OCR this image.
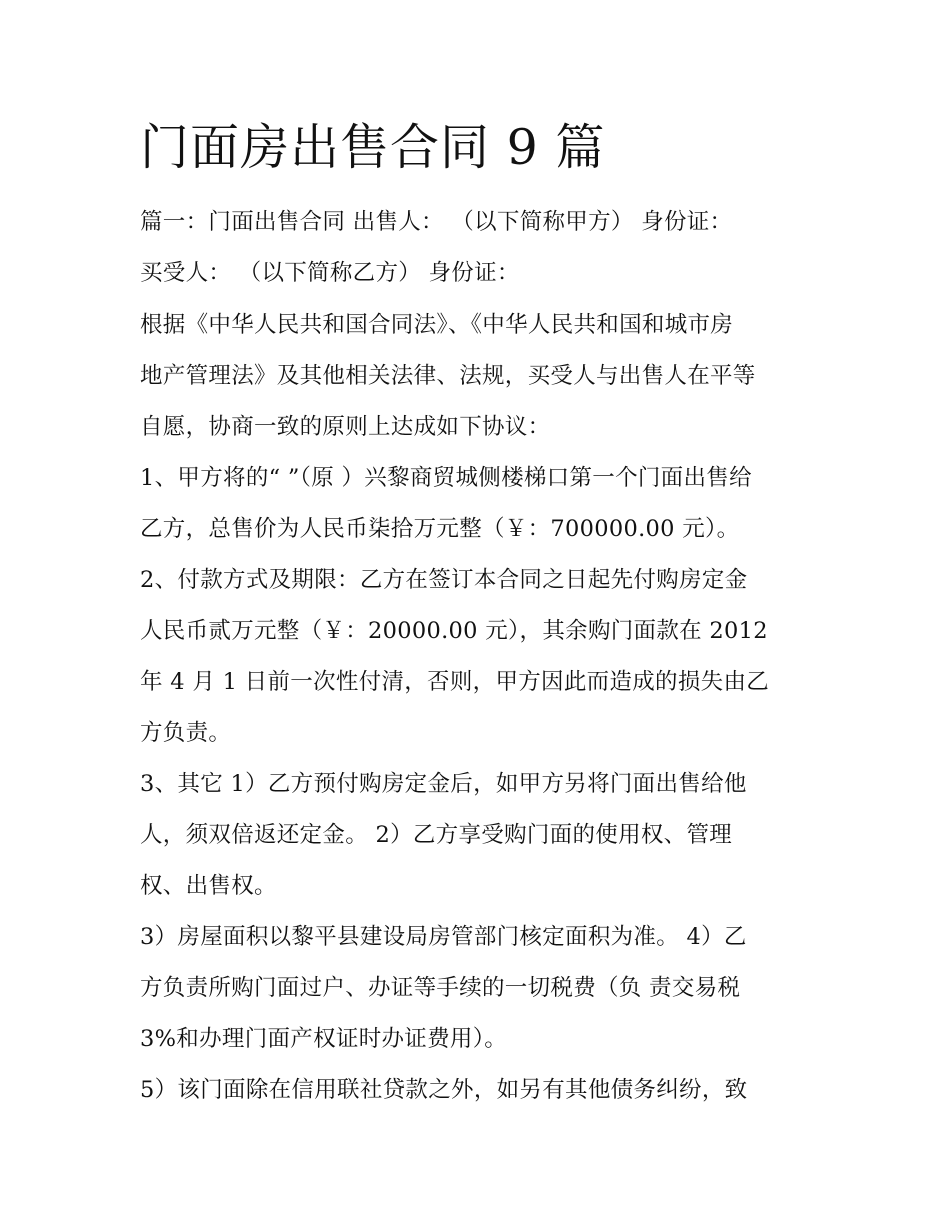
门面房出售合同 9 篇

篇一：门面出售合同 出售人： （以下简称甲方） 身份证：

买受人： （以下简称乙方） 身份证：

根据《中华人民共和国合同法》、《中华人民共和国和城市房

地产管理法》及其他相关法律、法规，买受人与出售人在平等

自愿，协商一致的原则上达成如下协议：

1、甲方将的“ ”（原 ）兴黎商贸城侧楼梯口第一个门面出售给

乙方，总售价为人民币柒拾万元整（￥：700000.00 元）。

2、付款方式及期限：乙方在签订本合同之日起先付购房定金

人民币贰万元整（￥：20000.00 元），其余购门面款在 2012

年 4 月 1 日前一次性付清，否则，甲方因此而造成的损失由乙

方负责。

3、其它 1）乙方预付购房定金后，如甲方另将门面出售给他

人，须双倍返还定金。 2）乙方享受购门面的使用权、管理

权、出售权。

3）房屋面积以黎平县建设局房管部门核定面积为准。 4）乙

方负责所购门面过户、办证等手续的一切税费（负 责交易税

3%和办理门面产权证时办证费用）。

5）该门面除在信用联社贷款之外，如另有其他债务纠纷，致
